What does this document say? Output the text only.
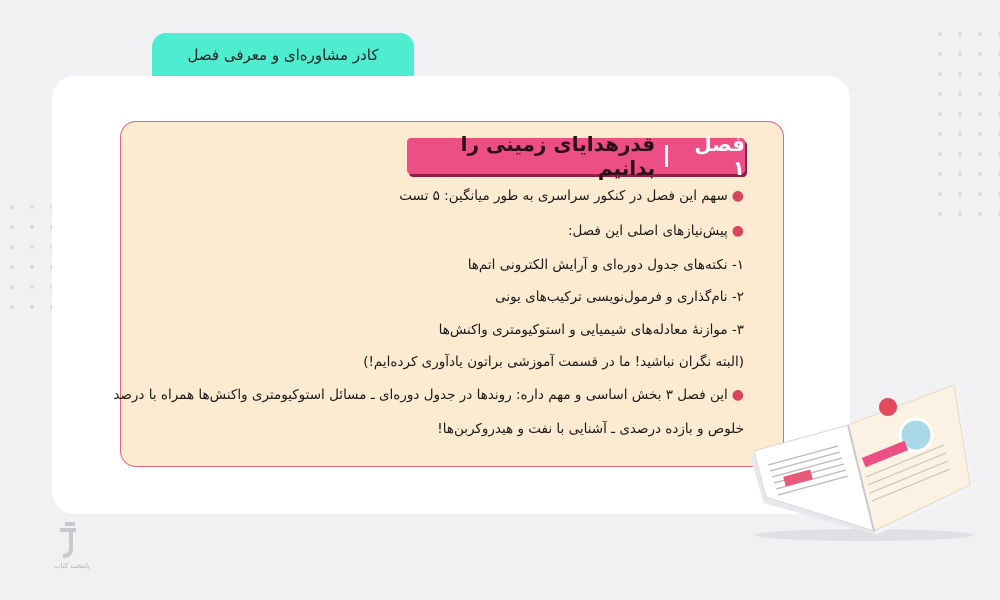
کادر مشاوره‌ای و معرفی فصل
فصل ۱
قدرهدایای زمینی را بدانیم
●سهم این فصل در کنکور سراسری به طور میانگین: ۵ تست
●پیش‌نیازهای اصلی این فصل:
۱- نکته‌های جدول دوره‌ای و آرایش الکترونی اتم‌ها
۲- نام‌گذاری و فرمول‌نویسی ترکیب‌های یونی
۳- موازنهٔ معادله‌های شیمیایی و استوکیومتری واکنش‌ها
(البته نگران نباشید! ما در قسمت آموزشی براتون یادآوری کرده‌ایم!)
●این فصل ۳ بخش اساسی و مهم داره: روندها در جدول دوره‌ای ـ مسائل استوکیومتری واکنش‌ها همراه با درصد
خلوص و بازده درصدی ـ آشنایی با نفت و هیدروکربن‌ها!
پایتخت کتاب
